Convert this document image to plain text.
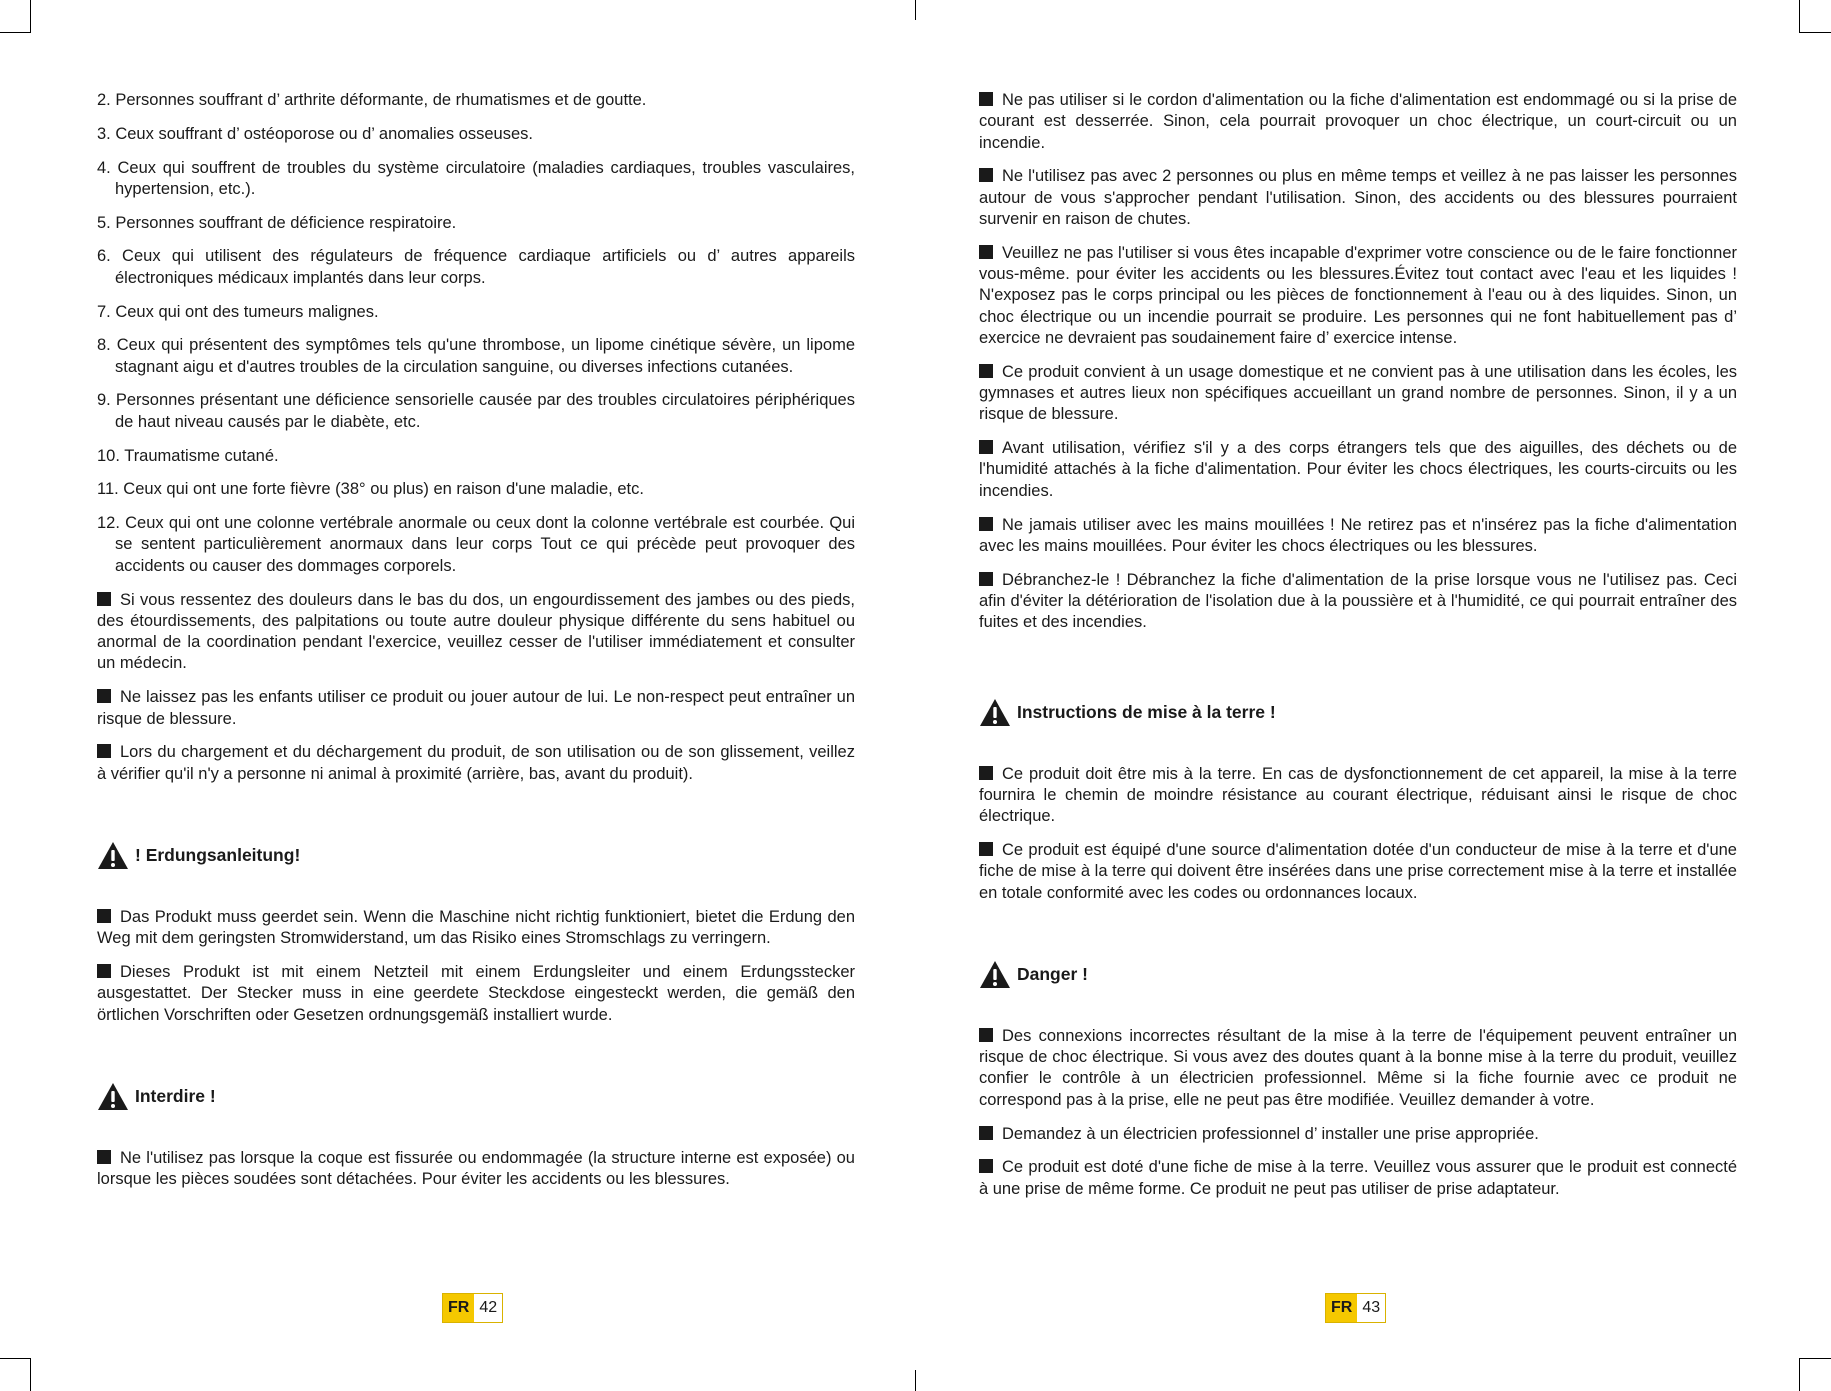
2. Personnes souffrant d’ arthrite déformante, de rhumatismes et de goutte.
3. Ceux souffrant d’ ostéoporose ou d’ anomalies osseuses.
4. Ceux qui souffrent de troubles du système circulatoire (maladies cardiaques, troubles vasculaires, hypertension, etc.).
5. Personnes souffrant de déficience respiratoire.
6. Ceux qui utilisent des régulateurs de fréquence cardiaque artificiels ou d’ autres appareils électroniques médicaux implantés dans leur corps.
7. Ceux qui ont des tumeurs malignes.
8. Ceux qui présentent des symptômes tels qu'une thrombose, un lipome cinétique sévère, un lipome stagnant aigu et d'autres troubles de la circulation sanguine, ou diverses infections cutanées.
9. Personnes présentant une déficience sensorielle causée par des troubles circulatoires périphériques de haut niveau causés par le diabète, etc.
10. Traumatisme cutané.
11. Ceux qui ont une forte fièvre (38° ou plus) en raison d'une maladie, etc.
12. Ceux qui ont une colonne vertébrale anormale ou ceux dont la colonne vertébrale est courbée. Qui se sentent particulièrement anormaux dans leur corps Tout ce qui précède peut provoquer des accidents ou causer des dommages corporels.

Si vous ressentez des douleurs dans le bas du dos, un engourdissement des jambes ou des pieds, des étourdissements, des palpitations ou toute autre douleur physique différente du sens habituel ou anormal de la coordination pendant l'exercice, veuillez cesser de l'utiliser immédiatement et consulter un médecin.

Ne laissez pas les enfants utiliser ce produit ou jouer autour de lui. Le non-respect peut entraîner un risque de blessure.

Lors du chargement et du déchargement du produit, de son utilisation ou de son glissement, veillez à vérifier qu'il n'y a personne ni animal à proximité (arrière, bas, avant du produit).

! Erdungsanleitung!

Das Produkt muss geerdet sein. Wenn die Maschine nicht richtig funktioniert, bietet die Erdung den Weg mit dem geringsten Stromwiderstand, um das Risiko eines Stromschlags zu verringern.

Dieses Produkt ist mit einem Netzteil mit einem Erdungsleiter und einem Erdungsstecker ausgestattet. Der Stecker muss in eine geerdete Steckdose eingesteckt werden, die gemäß den örtlichen Vorschriften oder Gesetzen ordnungsgemäß installiert wurde.

Interdire !

Ne l'utilisez pas lorsque la coque est fissurée ou endommagée (la structure interne est exposée) ou lorsque les pièces soudées sont détachées. Pour éviter les accidents ou les blessures.

FR 42

Ne pas utiliser si le cordon d'alimentation ou la fiche d'alimentation est endommagé ou si la prise de courant est desserrée. Sinon, cela pourrait provoquer un choc électrique, un court-circuit ou un incendie.

Ne l'utilisez pas avec 2 personnes ou plus en même temps et veillez à ne pas laisser les personnes autour de vous s'approcher pendant l'utilisation. Sinon, des accidents ou des blessures pourraient survenir en raison de chutes.

Veuillez ne pas l'utiliser si vous êtes incapable d'exprimer votre conscience ou de le faire fonctionner vous-même. pour éviter les accidents ou les blessures.Évitez tout contact avec l'eau et les liquides ! N'exposez pas le corps principal ou les pièces de fonctionnement à l'eau ou à des liquides. Sinon, un choc électrique ou un incendie pourrait se produire. Les personnes qui ne font habituellement pas d’ exercice ne devraient pas soudainement faire d’ exercice intense.

Ce produit convient à un usage domestique et ne convient pas à une utilisation dans les écoles, les gymnases et autres lieux non spécifiques accueillant un grand nombre de personnes. Sinon, il y a un risque de blessure.

Avant utilisation, vérifiez s'il y a des corps étrangers tels que des aiguilles, des déchets ou de l'humidité attachés à la fiche d'alimentation. Pour éviter les chocs électriques, les courts-circuits ou les incendies.

Ne jamais utiliser avec les mains mouillées ! Ne retirez pas et n'insérez pas la fiche d'alimentation avec les mains mouillées. Pour éviter les chocs électriques ou les blessures.

Débranchez-le ! Débranchez la fiche d'alimentation de la prise lorsque vous ne l'utilisez pas. Ceci afin d'éviter la détérioration de l'isolation due à la poussière et à l'humidité, ce qui pourrait entraîner des fuites et des incendies.

Instructions de mise à la terre !

Ce produit doit être mis à la terre. En cas de dysfonctionnement de cet appareil, la mise à la terre fournira le chemin de moindre résistance au courant électrique, réduisant ainsi le risque de choc électrique.

Ce produit est équipé d'une source d'alimentation dotée d'un conducteur de mise à la terre et d'une fiche de mise à la terre qui doivent être insérées dans une prise correctement mise à la terre et installée en totale conformité avec les codes ou ordonnances locaux.

Danger !

Des connexions incorrectes résultant de la mise à la terre de l'équipement peuvent entraîner un risque de choc électrique. Si vous avez des doutes quant à la bonne mise à la terre du produit, veuillez confier le contrôle à un électricien professionnel. Même si la fiche fournie avec ce produit ne correspond pas à la prise, elle ne peut pas être modifiée. Veuillez demander à votre.

Demandez à un électricien professionnel d’ installer une prise appropriée.

Ce produit est doté d'une fiche de mise à la terre. Veuillez vous assurer que le produit est connecté à une prise de même forme. Ce produit ne peut pas utiliser de prise adaptateur.

FR 43
